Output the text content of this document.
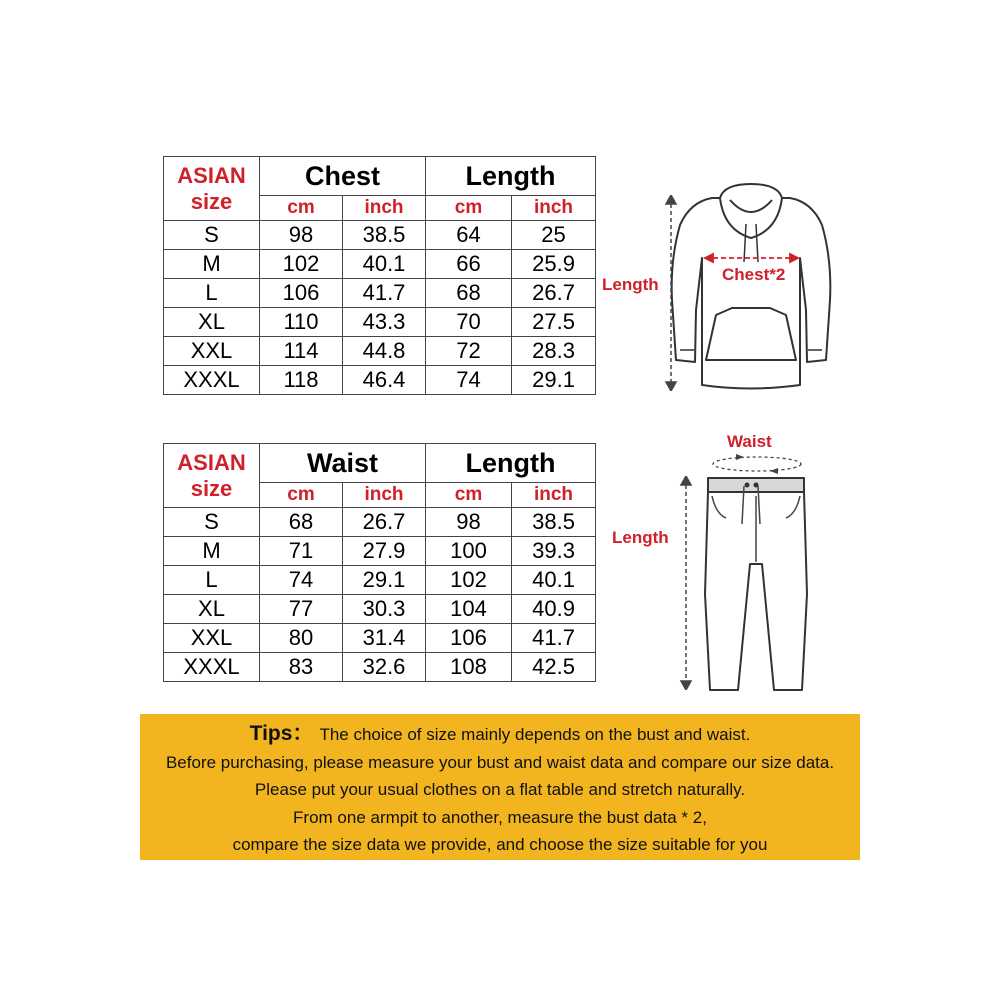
ASIAN
size	Chest		Length	
	cm	inch	cm	inch
S	98	38.5	64	25
M	102	40.1	66	25.9
L	106	41.7	68	26.7
XL	110	43.3	70	27.5
XXL	114	44.8	72	28.3
XXXL	118	46.4	74	29.1
Length
Chest*2
ASIAN
size	Waist		Length	
	cm	inch	cm	inch
S	68	26.7	98	38.5
M	71	27.9	100	39.3
L	74	29.1	102	40.1
XL	77	30.3	104	40.9
XXL	80	31.4	106	41.7
XXXL	83	32.6	108	42.5
Waist
Length
Tips： The choice of size mainly depends on the bust and waist.
Before purchasing, please measure your bust and waist data and compare our size data.
Please put your usual clothes on a flat table and stretch naturally.
From one armpit to another, measure the bust data * 2,
compare the size data we provide, and choose the size suitable for you
